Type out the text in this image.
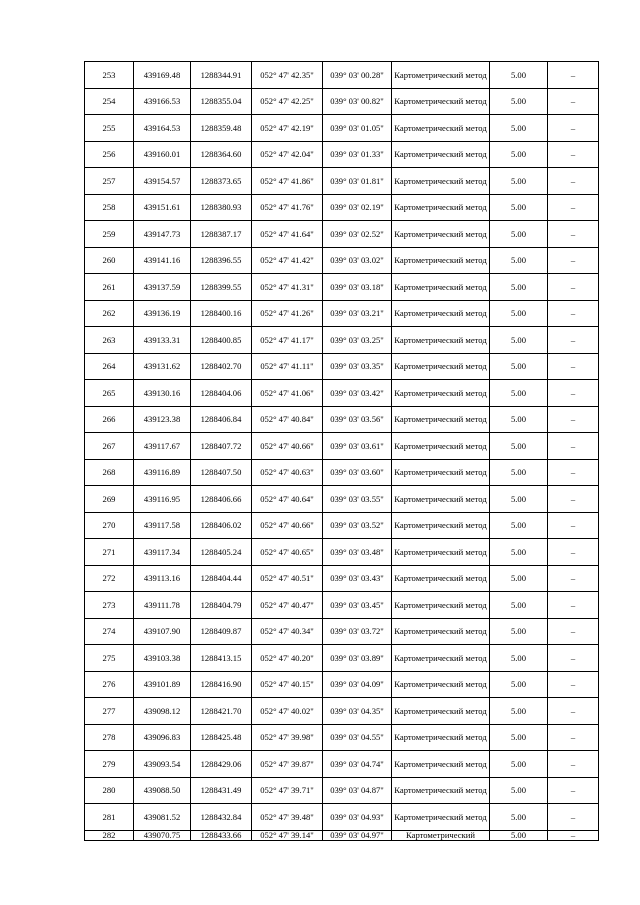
253	439169.48	1288344.91	052° 47' 42.35"	039° 03' 00.28"	Картометрический метод	5.00	–
254	439166.53	1288355.04	052° 47' 42.25"	039° 03' 00.82"	Картометрический метод	5.00	–
255	439164.53	1288359.48	052° 47' 42.19"	039° 03' 01.05"	Картометрический метод	5.00	–
256	439160.01	1288364.60	052° 47' 42.04"	039° 03' 01.33"	Картометрический метод	5.00	–
257	439154.57	1288373.65	052° 47' 41.86"	039° 03' 01.81"	Картометрический метод	5.00	–
258	439151.61	1288380.93	052° 47' 41.76"	039° 03' 02.19"	Картометрический метод	5.00	–
259	439147.73	1288387.17	052° 47' 41.64"	039° 03' 02.52"	Картометрический метод	5.00	–
260	439141.16	1288396.55	052° 47' 41.42"	039° 03' 03.02"	Картометрический метод	5.00	–
261	439137.59	1288399.55	052° 47' 41.31"	039° 03' 03.18"	Картометрический метод	5.00	–
262	439136.19	1288400.16	052° 47' 41.26"	039° 03' 03.21"	Картометрический метод	5.00	–
263	439133.31	1288400.85	052° 47' 41.17"	039° 03' 03.25"	Картометрический метод	5.00	–
264	439131.62	1288402.70	052° 47' 41.11"	039° 03' 03.35"	Картометрический метод	5.00	–
265	439130.16	1288404.06	052° 47' 41.06"	039° 03' 03.42"	Картометрический метод	5.00	–
266	439123.38	1288406.84	052° 47' 40.84"	039° 03' 03.56"	Картометрический метод	5.00	–
267	439117.67	1288407.72	052° 47' 40.66"	039° 03' 03.61"	Картометрический метод	5.00	–
268	439116.89	1288407.50	052° 47' 40.63"	039° 03' 03.60"	Картометрический метод	5.00	–
269	439116.95	1288406.66	052° 47' 40.64"	039° 03' 03.55"	Картометрический метод	5.00	–
270	439117.58	1288406.02	052° 47' 40.66"	039° 03' 03.52"	Картометрический метод	5.00	–
271	439117.34	1288405.24	052° 47' 40.65"	039° 03' 03.48"	Картометрический метод	5.00	–
272	439113.16	1288404.44	052° 47' 40.51"	039° 03' 03.43"	Картометрический метод	5.00	–
273	439111.78	1288404.79	052° 47' 40.47"	039° 03' 03.45"	Картометрический метод	5.00	–
274	439107.90	1288409.87	052° 47' 40.34"	039° 03' 03.72"	Картометрический метод	5.00	–
275	439103.38	1288413.15	052° 47' 40.20"	039° 03' 03.89"	Картометрический метод	5.00	–
276	439101.89	1288416.90	052° 47' 40.15"	039° 03' 04.09"	Картометрический метод	5.00	–
277	439098.12	1288421.70	052° 47' 40.02"	039° 03' 04.35"	Картометрический метод	5.00	–
278	439096.83	1288425.48	052° 47' 39.98"	039° 03' 04.55"	Картометрический метод	5.00	–
279	439093.54	1288429.06	052° 47' 39.87"	039° 03' 04.74"	Картометрический метод	5.00	–
280	439088.50	1288431.49	052° 47' 39.71"	039° 03' 04.87"	Картометрический метод	5.00	–
281	439081.52	1288432.84	052° 47' 39.48"	039° 03' 04.93"	Картометрический метод	5.00	–
282	439070.75	1288433.66	052° 47' 39.14"	039° 03' 04.97"	Картометрический	5.00	–
